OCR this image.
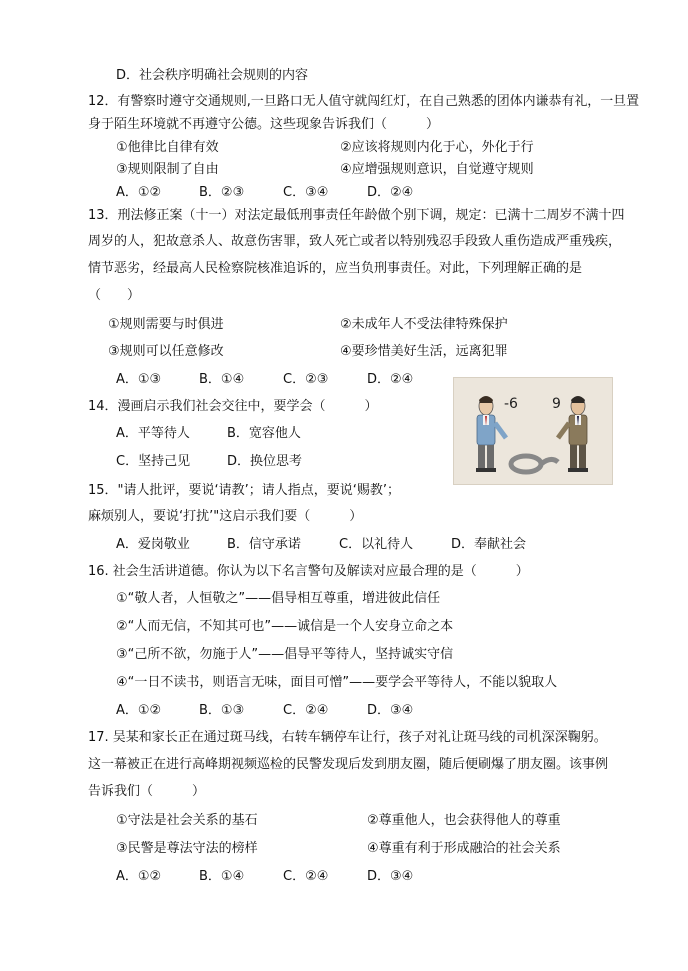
D．社会秩序明确社会规则的内容
12．有警察时遵守交通规则,一旦路口无人值守就闯红灯，在自己熟悉的团体内谦恭有礼，一旦置
身于陌生环境就不再遵守公德。这些现象告诉我们（　　　）
①他律比自律有效	②应该将规则内化于心，外化于行
③规则限制了自由	④应增强规则意识，自觉遵守规则
A．①②	B．②③	C．③④	D．②④
13．刑法修正案（十一）对法定最低刑事责任年龄做个别下调，规定：已满十二周岁不满十四
周岁的人，犯故意杀人、故意伤害罪，致人死亡或者以特别残忍手段致人重伤造成严重残疾，
情节恶劣，经最高人民检察院核准追诉的，应当负刑事责任。对此，下列理解正确的是
（　　）
①规则需要与时俱进	②未成年人不受法律特殊保护
③规则可以任意修改	④要珍惜美好生活，远离犯罪
A．①③	B．①④	C．②③	D．②④
14．漫画启示我们社会交往中，要学会（　　　）
A．平等待人	B．宽容他人
C．坚持己见	D．换位思考
-6 9
15．"请人批评，要说‘请教’；请人指点，要说‘赐教’；
麻烦别人，要说‘打扰’"这启示我们要（　　　）
A．爱岗敬业	B．信守承诺	C．以礼待人	D．奉献社会
16. 社会生活讲道德。你认为以下名言警句及解读对应最合理的是（　　　）
①“敬人者，人恒敬之”——倡导相互尊重，增进彼此信任
②“人而无信，不知其可也”——诚信是一个人安身立命之本
③“己所不欲，勿施于人”——倡导平等待人，坚持诚实守信
④“一日不读书，则语言无味，面目可憎”——要学会平等待人，不能以貌取人
A．①②	B．①③	C．②④	D．③④
17. 吴某和家长正在通过斑马线，右转车辆停车让行，孩子对礼让斑马线的司机深深鞠躬。
这一幕被正在进行高峰期视频巡检的民警发现后发到朋友圈，随后便刷爆了朋友圈。该事例
告诉我们（　　　）
①守法是社会关系的基石	②尊重他人，也会获得他人的尊重
③民警是尊法守法的榜样	④尊重有利于形成融洽的社会关系
A．①②	B．①④	C．②④	D．③④
